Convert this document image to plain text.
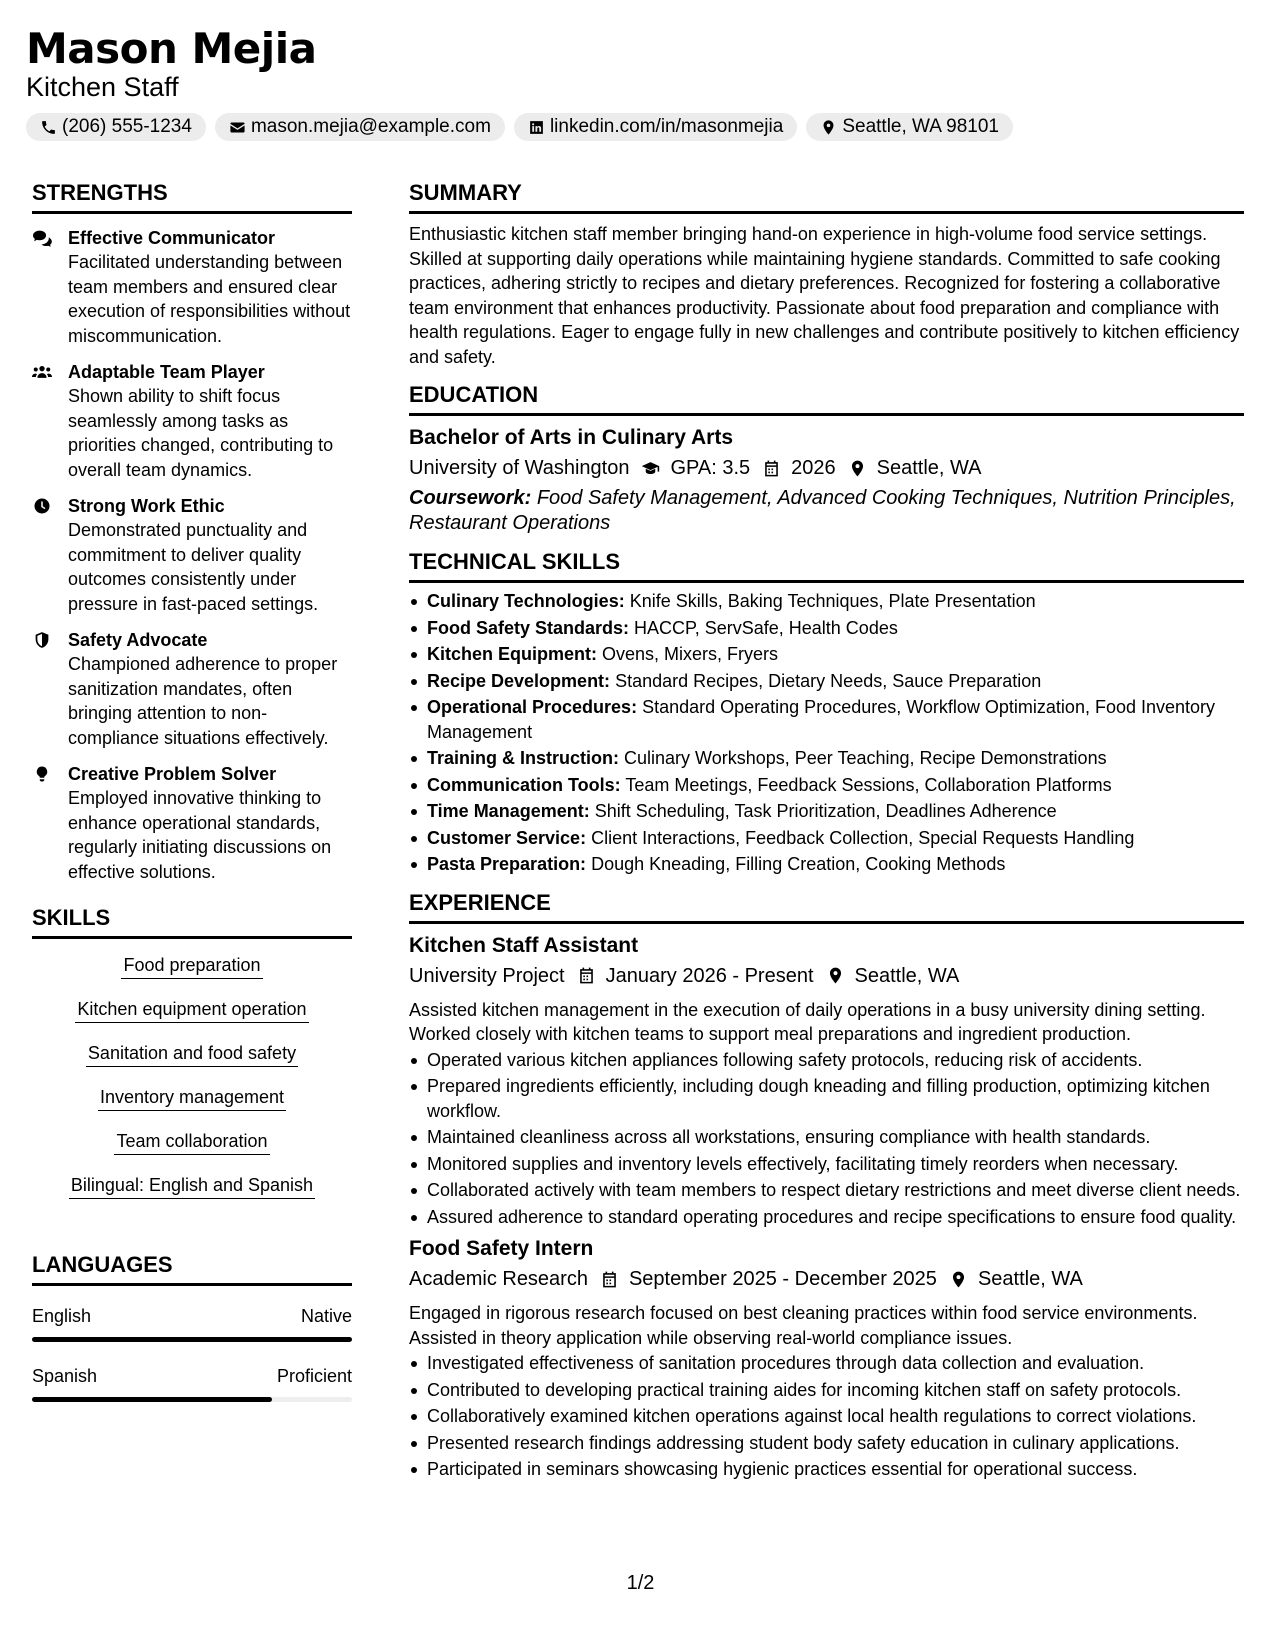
Mason Mejia
Kitchen Staff
(206) 555-1234	mason.mejia@example.com	linkedin.com/in/masonmejia	Seattle, WA 98101
STRENGTHS
Effective Communicator
Facilitated understanding between team members and ensured clear execution of responsibilities without miscommunication.
Adaptable Team Player
Shown ability to shift focus seamlessly among tasks as priorities changed, contributing to overall team dynamics.
Strong Work Ethic
Demonstrated punctuality and commitment to deliver quality outcomes consistently under pressure in fast-paced settings.
Safety Advocate
Championed adherence to proper sanitization mandates, often bringing attention to non-compliance situations effectively.
Creative Problem Solver
Employed innovative thinking to enhance operational standards, regularly initiating discussions on effective solutions.
SKILLS
Food preparation
Kitchen equipment operation
Sanitation and food safety
Inventory management
Team collaboration
Bilingual: English and Spanish
LANGUAGES
English	Native
Spanish	Proficient
SUMMARY
Enthusiastic kitchen staff member bringing hand-on experience in high-volume food service settings. Skilled at supporting daily operations while maintaining hygiene standards. Committed to safe cooking practices, adhering strictly to recipes and dietary preferences. Recognized for fostering a collaborative team environment that enhances productivity. Passionate about food preparation and compliance with health regulations. Eager to engage fully in new challenges and contribute positively to kitchen efficiency and safety.
EDUCATION
Bachelor of Arts in Culinary Arts
University of Washington GPA: 3.5 2026 Seattle, WA
Coursework: Food Safety Management, Advanced Cooking Techniques, Nutrition Principles, Restaurant Operations
TECHNICAL SKILLS
Culinary Technologies: Knife Skills, Baking Techniques, Plate Presentation
Food Safety Standards: HACCP, ServSafe, Health Codes
Kitchen Equipment: Ovens, Mixers, Fryers
Recipe Development: Standard Recipes, Dietary Needs, Sauce Preparation
Operational Procedures: Standard Operating Procedures, Workflow Optimization, Food Inventory Management
Training & Instruction: Culinary Workshops, Peer Teaching, Recipe Demonstrations
Communication Tools: Team Meetings, Feedback Sessions, Collaboration Platforms
Time Management: Shift Scheduling, Task Prioritization, Deadlines Adherence
Customer Service: Client Interactions, Feedback Collection, Special Requests Handling
Pasta Preparation: Dough Kneading, Filling Creation, Cooking Methods
EXPERIENCE
Kitchen Staff Assistant
University Project January 2026 - Present Seattle, WA
Assisted kitchen management in the execution of daily operations in a busy university dining setting. Worked closely with kitchen teams to support meal preparations and ingredient production.
Operated various kitchen appliances following safety protocols, reducing risk of accidents.
Prepared ingredients efficiently, including dough kneading and filling production, optimizing kitchen workflow.
Maintained cleanliness across all workstations, ensuring compliance with health standards.
Monitored supplies and inventory levels effectively, facilitating timely reorders when necessary.
Collaborated actively with team members to respect dietary restrictions and meet diverse client needs.
Assured adherence to standard operating procedures and recipe specifications to ensure food quality.
Food Safety Intern
Academic Research September 2025 - December 2025 Seattle, WA
Engaged in rigorous research focused on best cleaning practices within food service environments. Assisted in theory application while observing real-world compliance issues.
Investigated effectiveness of sanitation procedures through data collection and evaluation.
Contributed to developing practical training aides for incoming kitchen staff on safety protocols.
Collaboratively examined kitchen operations against local health regulations to correct violations.
Presented research findings addressing student body safety education in culinary applications.
Participated in seminars showcasing hygienic practices essential for operational success.
1/2
